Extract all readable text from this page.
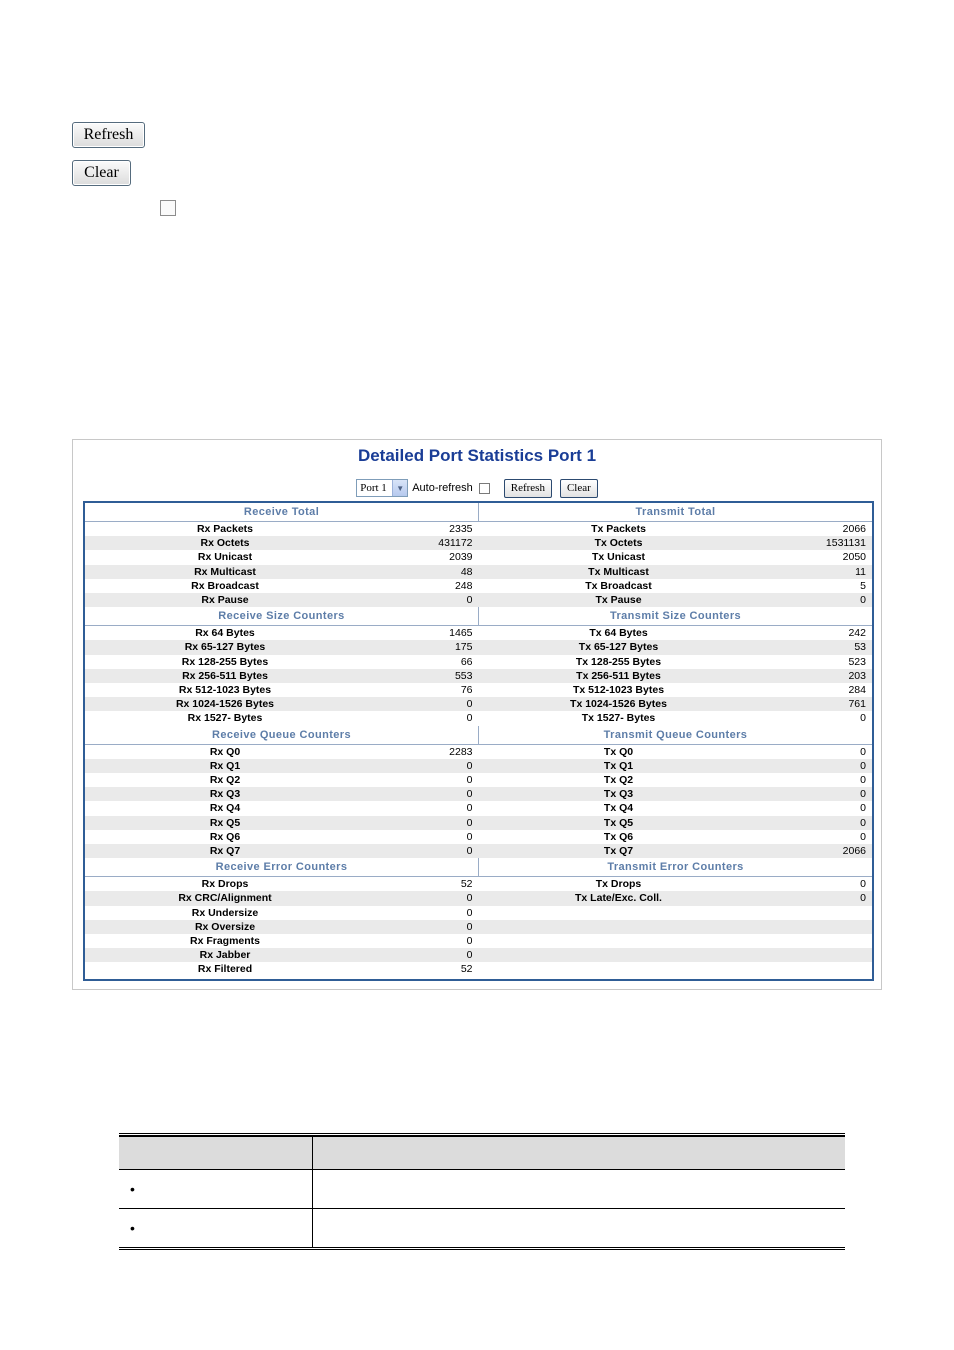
Refresh
Clear
Detailed Port Statistics Port 1
Port 1	▼ Auto-refresh	Refresh	Clear
Receive Total	Transmit Total
Rx Packets	2335	Tx Packets	2066
Rx Octets	431172	Tx Octets	1531131
Rx Unicast	2039	Tx Unicast	2050
Rx Multicast	48	Tx Multicast	11
Rx Broadcast	248	Tx Broadcast	5
Rx Pause	0	Tx Pause	0
Receive Size Counters	Transmit Size Counters
Rx 64 Bytes	1465	Tx 64 Bytes	242
Rx 65-127 Bytes	175	Tx 65-127 Bytes	53
Rx 128-255 Bytes	66	Tx 128-255 Bytes	523
Rx 256-511 Bytes	553	Tx 256-511 Bytes	203
Rx 512-1023 Bytes	76	Tx 512-1023 Bytes	284
Rx 1024-1526 Bytes	0	Tx 1024-1526 Bytes	761
Rx 1527- Bytes	0	Tx 1527- Bytes	0
Receive Queue Counters	Transmit Queue Counters
Rx Q0	2283	Tx Q0	0
Rx Q1	0	Tx Q1	0
Rx Q2	0	Tx Q2	0
Rx Q3	0	Tx Q3	0
Rx Q4	0	Tx Q4	0
Rx Q5	0	Tx Q5	0
Rx Q6	0	Tx Q6	0
Rx Q7	0	Tx Q7	2066
Receive Error Counters	Transmit Error Counters
Rx Drops	52	Tx Drops	0
Rx CRC/Alignment	0	Tx Late/Exc. Coll.	0
Rx Undersize	0
Rx Oversize	0
Rx Fragments	0
Rx Jabber	0
Rx Filtered	52
•
•
